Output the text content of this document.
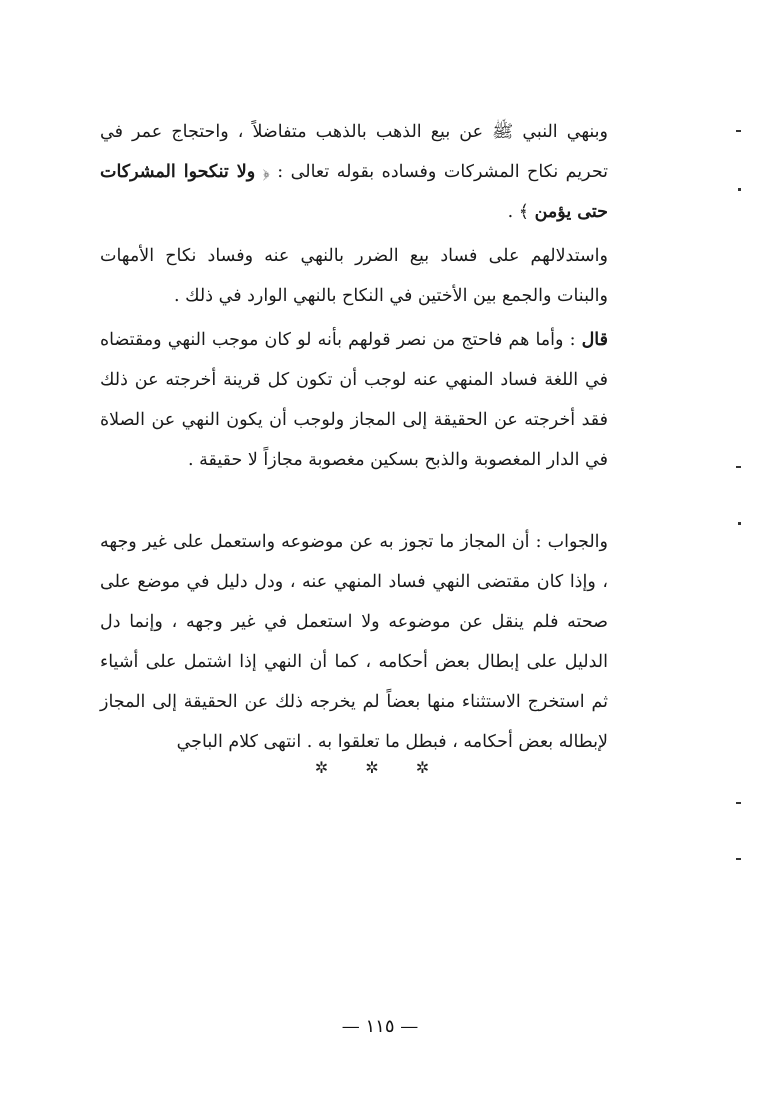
وبنهي النبي ﷺ عن بيع الذهب بالذهب متفاضلاً ، واحتجاج عمر في تحريم نكاح المشركات وفساده بقوله تعالى : ﴿ ولا تنكحوا المشركات حتى يؤمن ﴾ .

واستدلالهم على فساد بيع الضرر بالنهي عنه وفساد نكاح الأمهات والبنات والجمع بين الأختين في النكاح بالنهي الوارد في ذلك .

قال : وأما هم فاحتج من نصر قولهم بأنه لو كان موجب النهي ومقتضاه في اللغة فساد المنهي عنه لوجب أن تكون كل قرينة أخرجته عن ذلك فقد أخرجته عن الحقيقة إلى المجاز ولوجب أن يكون النهي عن الصلاة في الدار المغصوبة والذبح بسكين مغصوبة مجازاً لا حقيقة .

والجواب : أن المجاز ما تجوز به عن موضوعه واستعمل على غير وجهه ، وإذا كان مقتضى النهي فساد المنهي عنه ، ودل دليل في موضع على صحته فلم ينقل عن موضوعه ولا استعمل في غير وجهه ، وإنما دل الدليل على إبطال بعض أحكامه ، كما أن النهي إذا اشتمل على أشياء ثم استخرج الاستثناء منها بعضاً لم يخرجه ذلك عن الحقيقة إلى المجاز لإبطاله بعض أحكامه ، فبطل ما تعلقوا به . انتهى كلام الباجي

✲ ✲ ✲
— ١١٥ —
